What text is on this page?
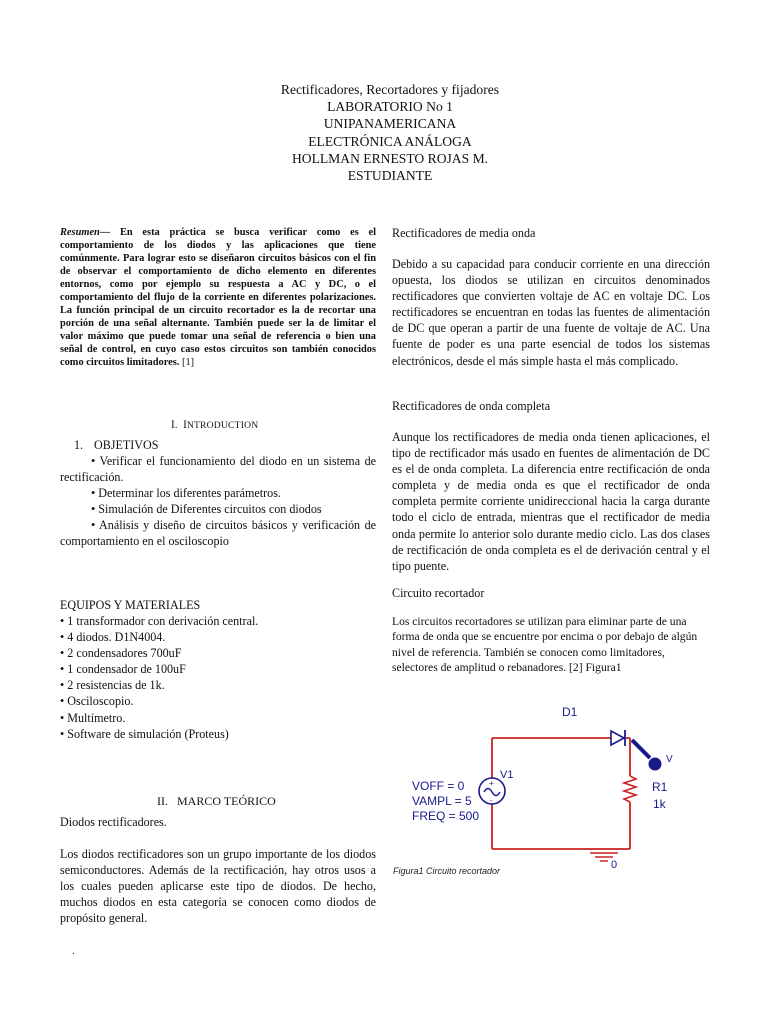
Rectificadores, Recortadores y fijadores
LABORATORIO No 1
UNIPANAMERICANA
ELECTRÓNICA ANÁLOGA
HOLLMAN ERNESTO ROJAS M.
ESTUDIANTE
Resumen— En esta práctica se busca verificar como es el comportamiento de los diodos y las aplicaciones que tiene comúnmente. Para lograr esto se diseñaron circuitos básicos con el fin de observar el comportamiento de dicho elemento en diferentes entornos, como por ejemplo su respuesta a AC y DC, o el comportamiento del flujo de la corriente en diferentes polarizaciones. La función principal de un circuito recortador es la de recortar una porción de una señal alternante. También puede ser la de limitar el valor máximo que puede tomar una señal de referencia o bien una señal de control, en cuyo caso estos circuitos son también conocidos como circuitos limitadores. [1]
I. INTRODUCTION
1. OBJETIVOS
• Verificar el funcionamiento del diodo en un sistema de rectificación.
• Determinar los diferentes parámetros.
• Simulación de Diferentes circuitos con diodos
• Análisis y diseño de circuitos básicos y verificación de comportamiento en el osciloscopio
EQUIPOS Y MATERIALES
• 1 transformador con derivación central.
• 4 diodos. D1N4004.
• 2 condensadores 700uF
• 1 condensador de 100uF
• 2 resistencias de 1k.
• Osciloscopio.
• Multímetro.
• Software de simulación (Proteus)
II.   MARCO TEÓRICO
Diodos rectificadores.
Los diodos rectificadores son un grupo importante de los diodos semiconductores. Además de la rectificación, hay otros usos a los cuales pueden aplicarse este tipo de diodos. De hecho, muchos diodos en esta categoría se conocen como diodos de propósito general.
Rectificadores de media onda
Debido a su capacidad para conducir corriente en una dirección opuesta, los diodos se utilizan en circuitos denominados rectificadores que convierten voltaje de AC en voltaje DC. Los rectificadores se encuentran en todas las fuentes de alimentación de DC que operan a partir de una fuente de voltaje de AC. Una fuente de poder es una parte esencial de todos los sistemas electrónicos, desde el más simple hasta el más complicado.
Rectificadores de onda completa
Aunque los rectificadores de media onda tienen aplicaciones, el tipo de rectificador más usado en fuentes de alimentación de DC es el de onda completa. La diferencia entre rectificación de onda completa y de media onda es que el rectificador de onda completa permite corriente unidireccional hacia la carga durante todo el ciclo de entrada, mientras que el rectificador de media onda permite lo anterior solo durante medio ciclo. Las dos clases de rectificación de onda completa es el de derivación central y el tipo puente.
Circuito recortador
Los circuitos recortadores se utilizan para eliminar parte de una forma de onda que se encuentre por encima o por debajo de algún nivel de referencia. También se conocen como limitadores, selectores de amplitud o rebanadores. [2] Figura1
D1
+
-
V1
VOFF = 0
VAMPL = 5
FREQ = 500
R1
1k
V
0
Figura1 Circuito recortador
.
